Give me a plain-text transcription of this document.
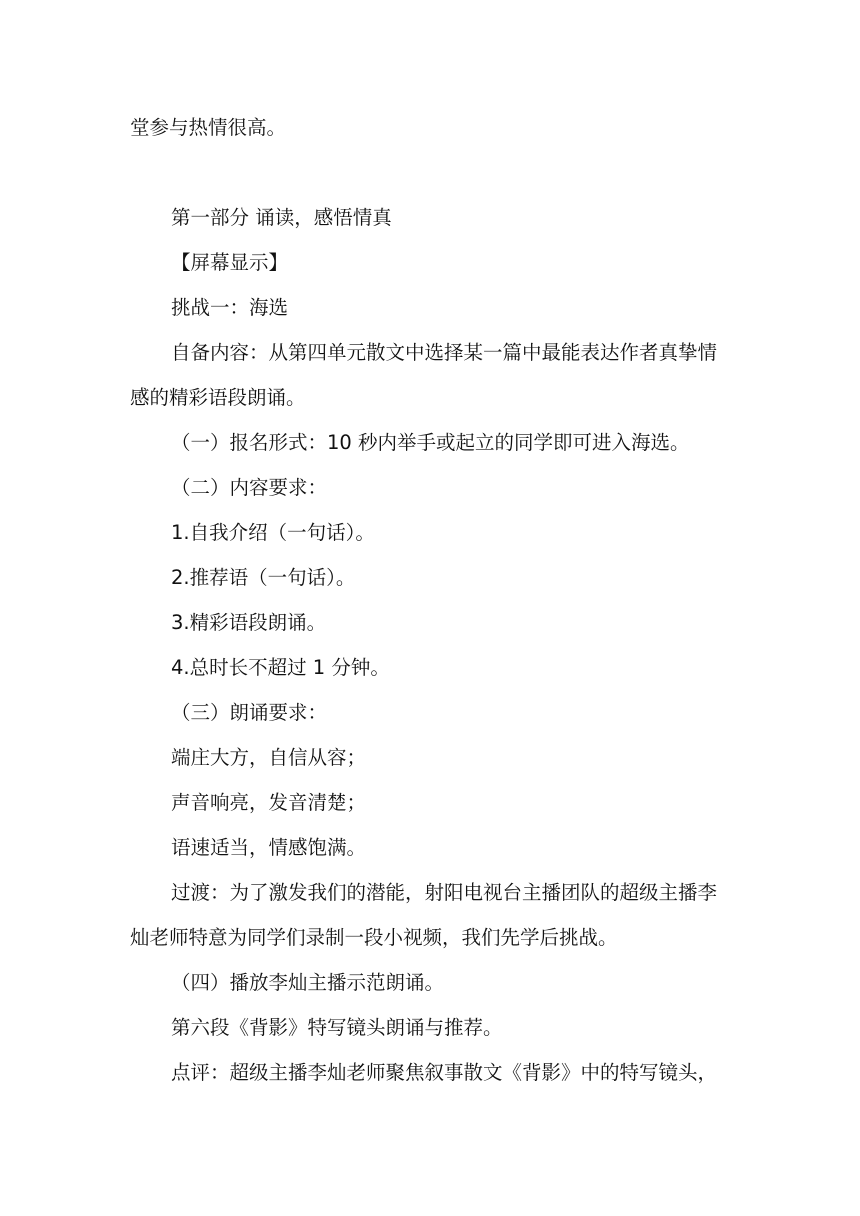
堂参与热情很高。
第一部分 诵读，感悟情真
【屏幕显示】
挑战一：海选
自备内容：从第四单元散文中选择某一篇中最能表达作者真挚情
感的精彩语段朗诵。
（一）报名形式：10 秒内举手或起立的同学即可进入海选。
（二）内容要求：
1.自我介绍（一句话）。
2.推荐语（一句话）。
3.精彩语段朗诵。
4.总时长不超过 1 分钟。
（三）朗诵要求：
端庄大方，自信从容；
声音响亮，发音清楚；
语速适当，情感饱满。
过渡：为了激发我们的潜能，射阳电视台主播团队的超级主播李
灿老师特意为同学们录制一段小视频，我们先学后挑战。
（四）播放李灿主播示范朗诵。
第六段《背影》特写镜头朗诵与推荐。
点评：超级主播李灿老师聚焦叙事散文《背影》中的特写镜头，
